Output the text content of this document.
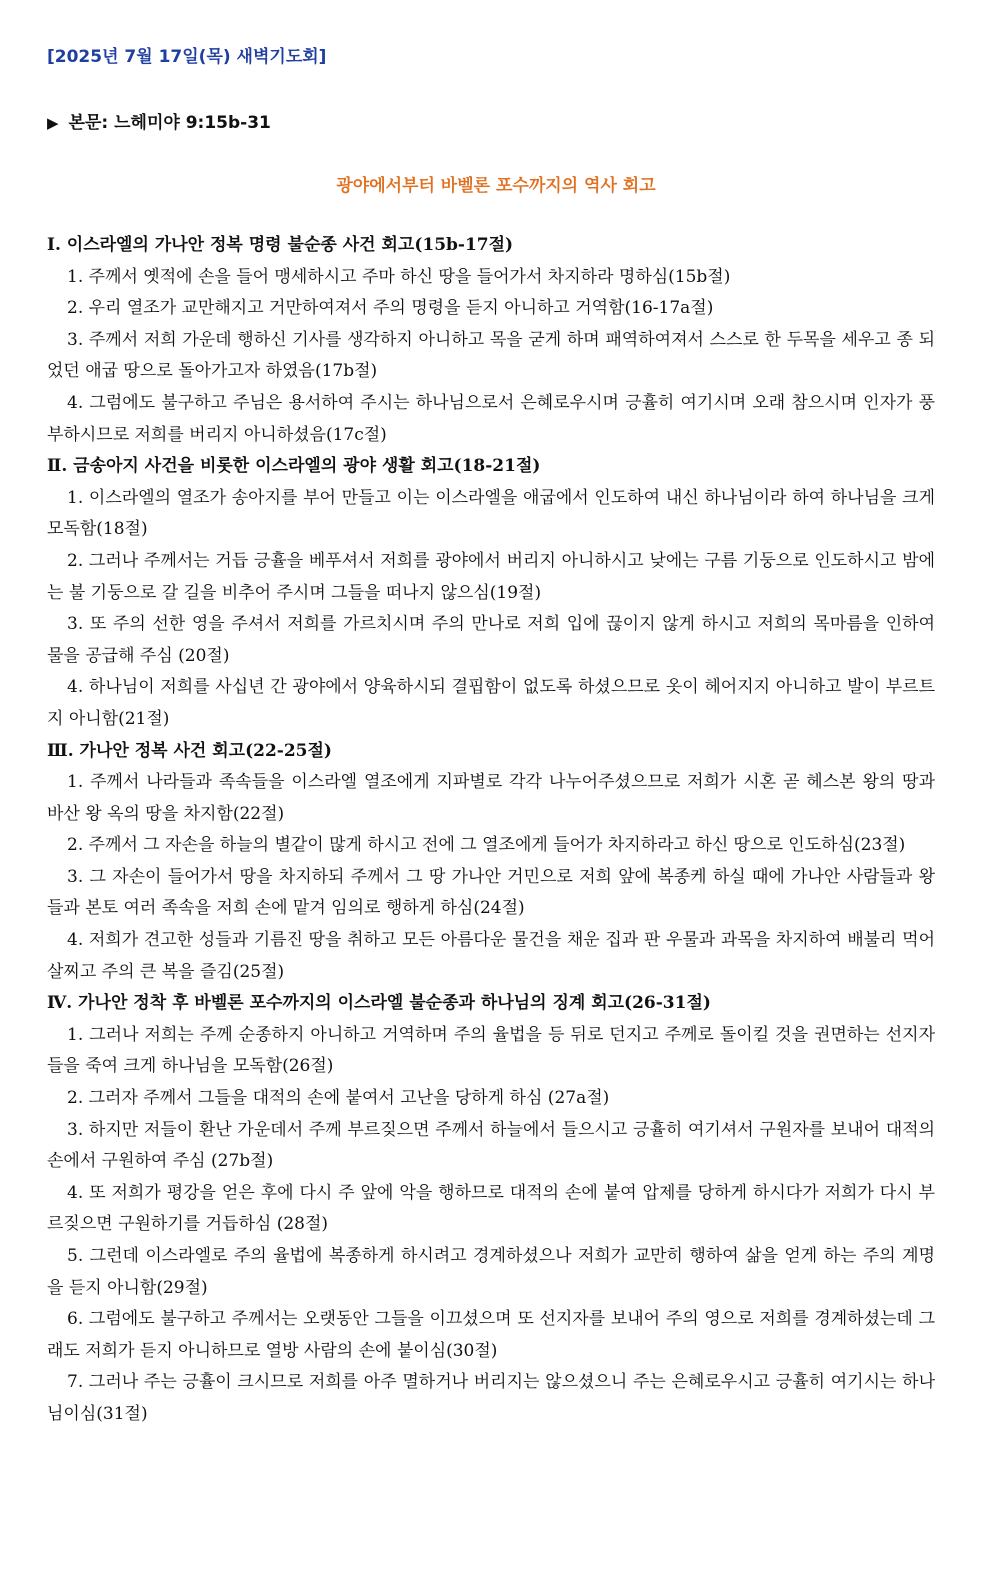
[2025년 7월 17일(목) 새벽기도회]
▶ 본문: 느헤미야 9:15b-31
광야에서부터 바벨론 포수까지의 역사 회고
Ⅰ. 이스라엘의 가나안 정복 명령 불순종 사건 회고(15b-17절)
1. 주께서 옛적에 손을 들어 맹세하시고 주마 하신 땅을 들어가서 차지하라 명하심(15b절)
2. 우리 열조가 교만해지고 거만하여져서 주의 명령을 듣지 아니하고 거역함(16-17a절)
3. 주께서 저희 가운데 행하신 기사를 생각하지 아니하고 목을 굳게 하며 패역하여져서 스스로 한 두목을 세우고 종 되었던 애굽 땅으로 돌아가고자 하였음(17b절)
4. 그럼에도 불구하고 주님은 용서하여 주시는 하나님으로서 은혜로우시며 긍휼히 여기시며 오래 참으시며 인자가 풍부하시므로 저희를 버리지 아니하셨음(17c절)
Ⅱ. 금송아지 사건을 비롯한 이스라엘의 광야 생활 회고(18-21절)
1. 이스라엘의 열조가 송아지를 부어 만들고 이는 이스라엘을 애굽에서 인도하여 내신 하나님이라 하여 하나님을 크게 모독함(18절)
2. 그러나 주께서는 거듭 긍휼을 베푸셔서 저희를 광야에서 버리지 아니하시고 낮에는 구름 기둥으로 인도하시고 밤에는 불 기둥으로 갈 길을 비추어 주시며 그들을 떠나지 않으심(19절)
3. 또 주의 선한 영을 주셔서 저희를 가르치시며 주의 만나로 저희 입에 끊이지 않게 하시고 저희의 목마름을 인하여 물을 공급해 주심 (20절)
4. 하나님이 저희를 사십년 간 광야에서 양육하시되 결핍함이 없도록 하셨으므로 옷이 헤어지지 아니하고 발이 부르트지 아니함(21절)
Ⅲ. 가나안 정복 사건 회고(22-25절)
1. 주께서 나라들과 족속들을 이스라엘 열조에게 지파별로 각각 나누어주셨으므로 저희가 시혼 곧 헤스본 왕의 땅과 바산 왕 옥의 땅을 차지함(22절)
2. 주께서 그 자손을 하늘의 별같이 많게 하시고 전에 그 열조에게 들어가 차지하라고 하신 땅으로 인도하심(23절)
3. 그 자손이 들어가서 땅을 차지하되 주께서 그 땅 가나안 거민으로 저희 앞에 복종케 하실 때에 가나안 사람들과 왕들과 본토 여러 족속을 저희 손에 맡겨 임의로 행하게 하심(24절)
4. 저희가 견고한 성들과 기름진 땅을 취하고 모든 아름다운 물건을 채운 집과 판 우물과 과목을 차지하여 배불리 먹어 살찌고 주의 큰 복을 즐김(25절)
Ⅳ. 가나안 정착 후 바벨론 포수까지의 이스라엘 불순종과 하나님의 징계 회고(26-31절)
1. 그러나 저희는 주께 순종하지 아니하고 거역하며 주의 율법을 등 뒤로 던지고 주께로 돌이킬 것을 권면하는 선지자들을 죽여 크게 하나님을 모독함(26절)
2. 그러자 주께서 그들을 대적의 손에 붙여서 고난을 당하게 하심 (27a절)
3. 하지만 저들이 환난 가운데서 주께 부르짖으면 주께서 하늘에서 들으시고 긍휼히 여기셔서 구원자를 보내어 대적의 손에서 구원하여 주심 (27b절)
4. 또 저희가 평강을 얻은 후에 다시 주 앞에 악을 행하므로 대적의 손에 붙여 압제를 당하게 하시다가 저희가 다시 부르짖으면 구원하기를 거듭하심 (28절)
5. 그런데 이스라엘로 주의 율법에 복종하게 하시려고 경계하셨으나 저희가 교만히 행하여 삶을 얻게 하는 주의 계명을 듣지 아니함(29절)
6. 그럼에도 불구하고 주께서는 오랫동안 그들을 이끄셨으며 또 선지자를 보내어 주의 영으로 저희를 경계하셨는데 그래도 저희가 듣지 아니하므로 열방 사람의 손에 붙이심(30절)
7. 그러나 주는 긍휼이 크시므로 저희를 아주 멸하거나 버리지는 않으셨으니 주는 은혜로우시고 긍휼히 여기시는 하나님이심(31절)
